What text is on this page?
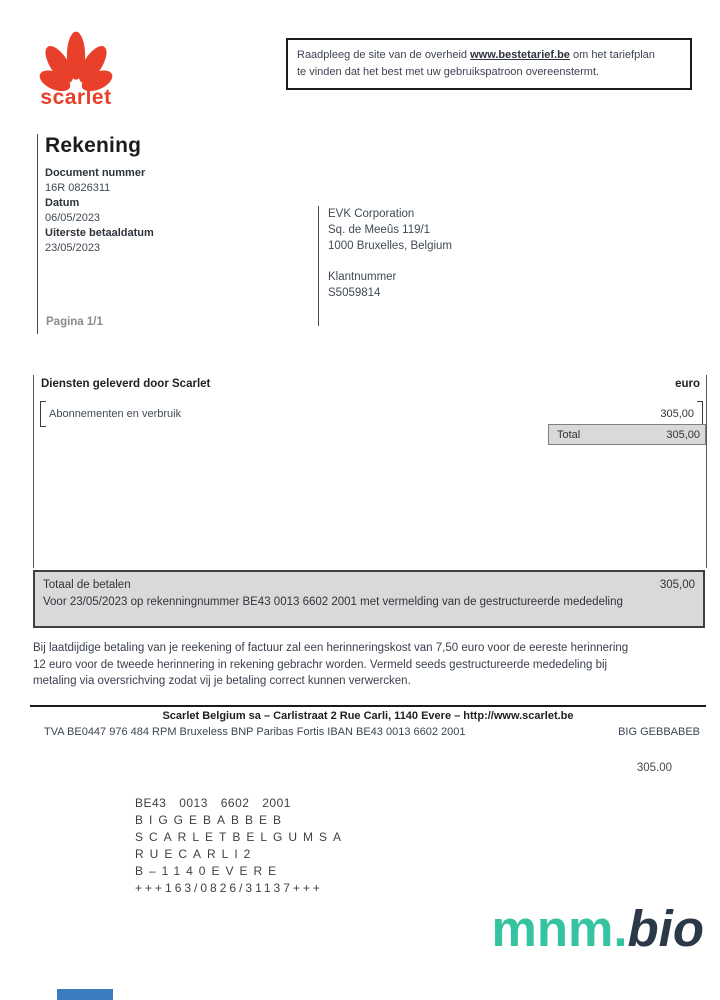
scarlet
Raadpleeg de site van de overheid www.bestetarief.be om het tariefplan
te vinden dat het best met uw gebruikspatroon overeenstermt.
Rekening
Document nummer
16R 0826311
Datum
06/05/2023
Uiterste betaaldatum
23/05/2023
Pagina 1/1
EVK Corporation
Sq. de Meeûs 119/1
1000 Bruxelles, Belgium
Klantnummer
S5059814
Diensten geleverd door Scarlet	euro
Abonnementen en verbruik	305,00
Total	305,00
Totaal de betalen	305,00
Voor 23/05/2023 op rekenningnummer BE43 0013 6602 2001 met vermelding van de gestructureerde mededeling
Bij laatdijdige betaling van je reekening of factuur zal een herinneringskost van 7,50 euro voor de eereste herinnering
12 euro voor de tweede herinnering in rekening gebrachr worden. Vermeld seeds gestructureerde mededeling bij
metaling via oversrichving zodat vij je betaling correct kunnen verwercken.
Scarlet Belgium sa – Carlistraat 2 Rue Carli, 1140 Evere – http://www.scarlet.be
TVA BE0447 976 484 RPM Bruxeless BNP Paribas Fortis IBAN BE43 0013 6602 2001	BIG GEBBABEB
305.00
BE43 0013 6602 2001
BIGGEBABBEB
SCARLETBELGUMSA
RUECARLI2
B–1140EVERE
+++163/0826/31137+++
mnm.bio
